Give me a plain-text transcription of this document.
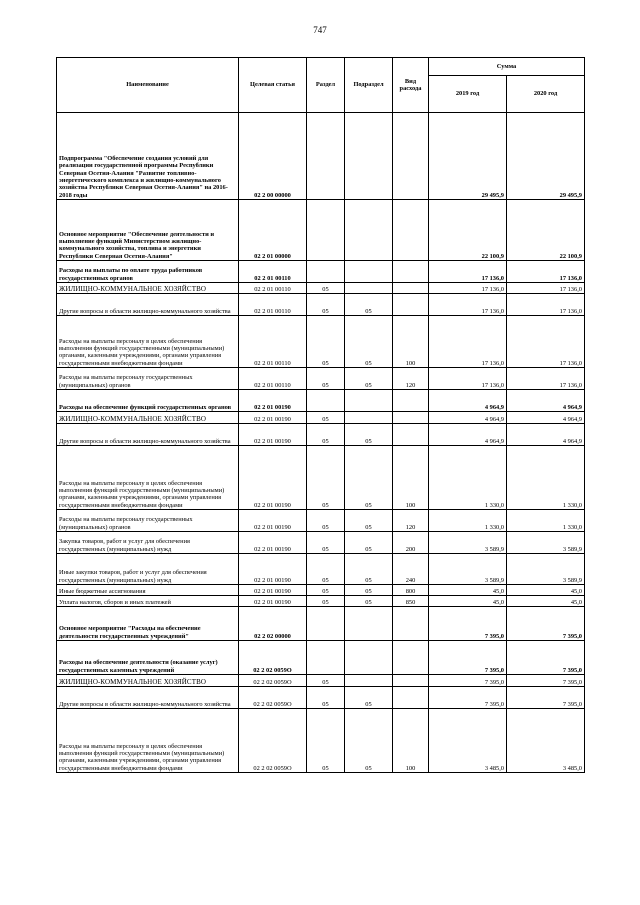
747
Наименование	Целевая статья	Раздел	Подраздел	Вид расхода	Сумма	
					2019 год	2020 год
Подпрограмма "Обеспечение создания условий для реализации государственной программы Республики Северная Осетия-Алания "Развитие топливно-энергетического комплекса и жилищно-коммунального хозяйства Республики Северная Осетия-Алания" на 2016-2018 годы	02 2 00 00000				29 495,9	29 495,9
Основное мероприятие "Обеспечение деятельности и выполнение функций Министерством жилищно-коммунального хозяйства, топлива и энергетики Республики Северная Осетия-Алания"	02 2 01 00000				22 100,9	22 100,9
Расходы на выплаты по оплате труда работников государственных органов	02 2 01 00110				17 136,0	17 136,0
ЖИЛИЩНО-КОММУНАЛЬНОЕ ХОЗЯЙСТВО	02 2 01 00110	05			17 136,0	17 136,0
Другие вопросы в области жилищно-коммунального хозяйства	02 2 01 00110	05	05		17 136,0	17 136,0
Расходы на выплаты персоналу в целях обеспечения выполнения функций государственными (муниципальными) органами, казенными учреждениями, органами управления государственными внебюджетными фондами	02 2 01 00110	05	05	100	17 136,0	17 136,0
Расходы на выплаты персоналу государственных (муниципальных) органов	02 2 01 00110	05	05	120	17 136,0	17 136,0
Расходы на обеспечение функций государственных органов	02 2 01 00190				4 964,9	4 964,9
ЖИЛИЩНО-КОММУНАЛЬНОЕ ХОЗЯЙСТВО	02 2 01 00190	05			4 964,9	4 964,9
Другие вопросы в области жилищно-коммунального хозяйства	02 2 01 00190	05	05		4 964,9	4 964,9
Расходы на выплаты персоналу в целях обеспечения выполнения функций государственными (муниципальными) органами, казенными учреждениями, органами управления государственными внебюджетными фондами	02 2 01 00190	05	05	100	1 330,0	1 330,0
Расходы на выплаты персоналу государственных (муниципальных) органов	02 2 01 00190	05	05	120	1 330,0	1 330,0
Закупка товаров, работ и услуг для обеспечения государственных (муниципальных) нужд	02 2 01 00190	05	05	200	3 589,9	3 589,9
Иные закупки товаров, работ и услуг для обеспечения государственных (муниципальных) нужд	02 2 01 00190	05	05	240	3 589,9	3 589,9
Иные бюджетные ассигнования	02 2 01 00190	05	05	800	45,0	45,0
Уплата налогов, сборов и иных платежей	02 2 01 00190	05	05	850	45,0	45,0
Основное мероприятие "Расходы на обеспечение деятельности государственных учреждений"	02 2 02 00000				7 395,0	7 395,0
Расходы на обеспечение деятельности (оказание услуг) государственных казенных учреждений	02 2 02 0059О				7 395,0	7 395,0
ЖИЛИЩНО-КОММУНАЛЬНОЕ ХОЗЯЙСТВО	02 2 02 0059О	05			7 395,0	7 395,0
Другие вопросы в области жилищно-коммунального хозяйства	02 2 02 0059О	05	05		7 395,0	7 395,0
Расходы на выплаты персоналу в целях обеспечения выполнения функций государственными (муниципальными) органами, казенными учреждениями, органами управления государственными внебюджетными фондами	02 2 02 0059О	05	05	100	3 485,0	3 485,0
